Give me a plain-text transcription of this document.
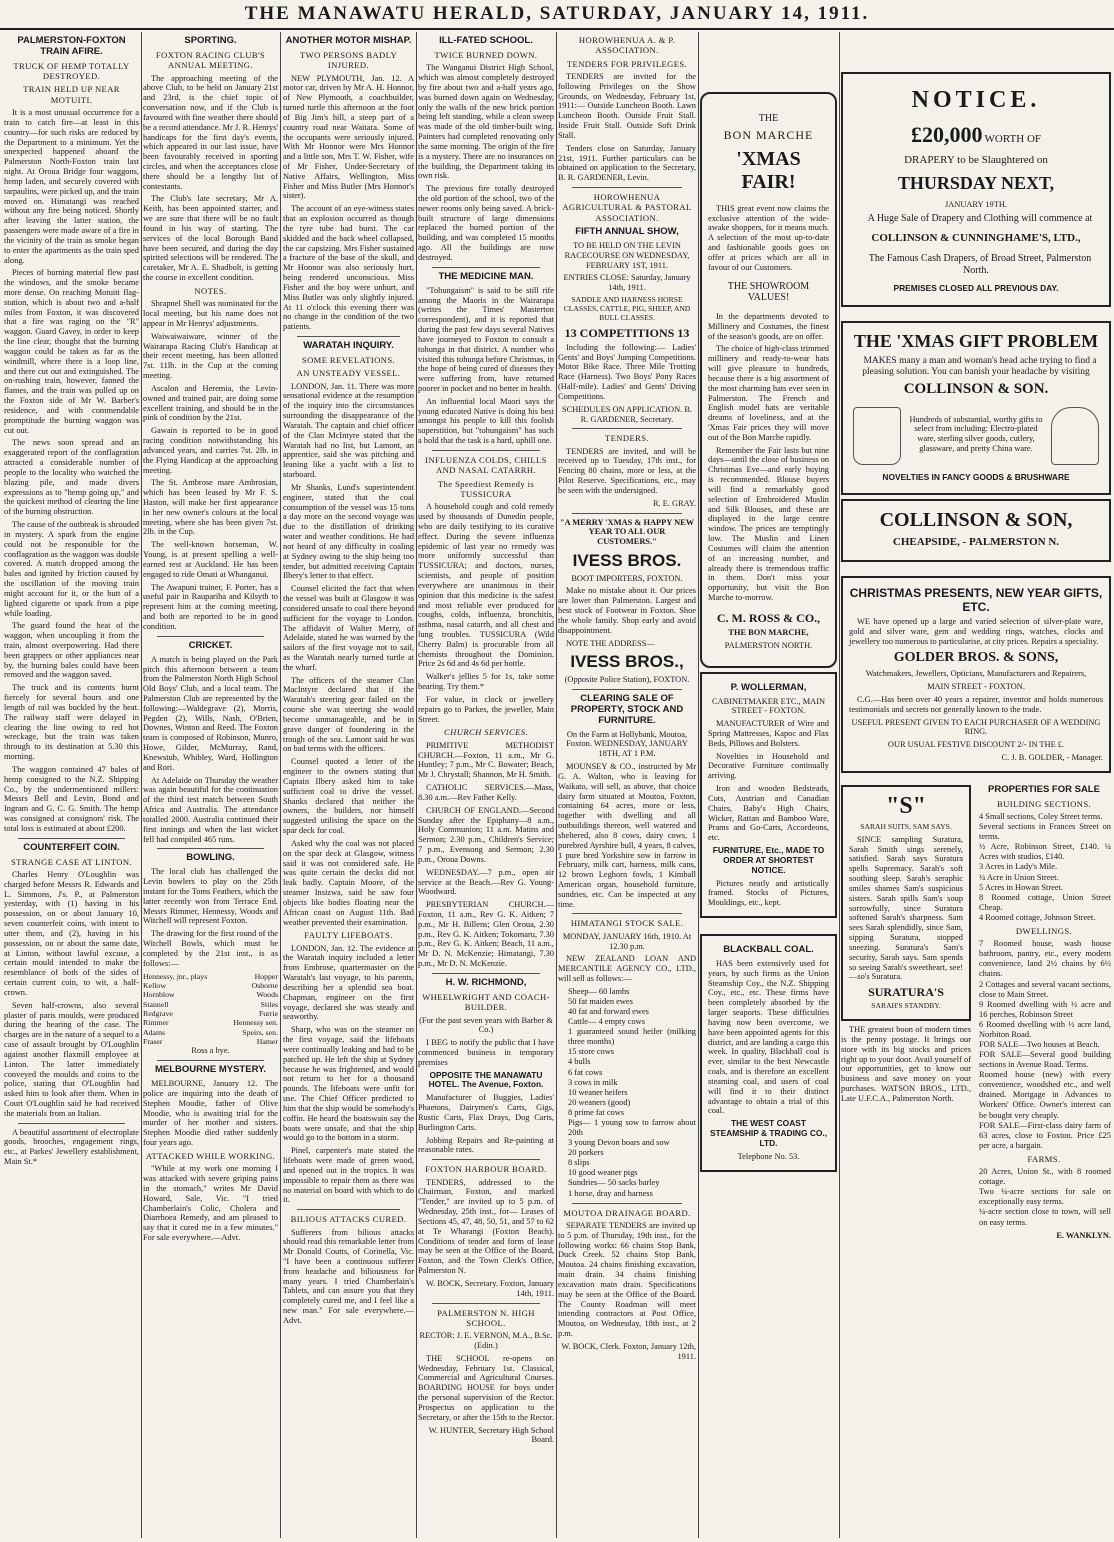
THE MANAWATU HERALD, SATURDAY, JANUARY 14, 1911.
PALMERSTON-FOXTON TRAIN AFIRE.
TRUCK OF HEMP TOTALLY DESTROYED.
TRAIN HELD UP NEAR MOTUITI.

It is a most unusual occurrence for a train to catch fire—at least in this country—for such risks are reduced by the Department to a minimum. Yet the unexpected happened aboard the Palmerston North-Foxton train last night. At Oroua Bridge four waggons, hemp laden, and securely covered with tarpaulins, were picked up, and the train moved on. Himatangi was reached without any fire being noticed. Shortly after leaving the latter station, the passengers were made aware of a fire in the vicinity of the train as smoke began to enter the apartments as the train sped along.

Pieces of burning material flew past the windows, and the smoke became more dense. On reaching Motuiti flag-station, which is about two and a-half miles from Foxton, it was discovered that a fire was raging on the "R" waggon. Guard Gavey, in order to keep the line clear, thought that the burning waggon could be taken as far as the windmill, where there is a loop line, and there cut out and extinguished. The on-rushing train, however, fanned the flames, and the train was pulled up on the Foxton side of Mr W. Barber's residence, and with commendable promptitude the burning waggon was cut out.

The news soon spread and an exaggerated report of the conflagration attracted a considerable number of people to the locality who watched the blazing pile, and made divers expressions as to "hemp going up," and the quickest method of clearing the line of the burning obstruction.

The cause of the outbreak is shrouded in mystery. A spark from the engine could not be responsible for the conflagration as the waggon was double covered. A match dropped among the bales and ignited by friction caused by the oscillation of the moving train might account for it, or the butt of a lighted cigarette or spark from a pipe while loading.

The guard found the heat of the waggon, when uncoupling it from the train, almost overpowering. Had there been grappers or other appliances near by, the burning bales could have been removed and the waggon saved.

The truck and its contents burnt fiercely for several hours and one length of rail was buckled by the heat. The railway staff were delayed in clearing the line owing to red hot wreckage, but the train was taken through to its destination at 5.30 this morning.

The waggon contained 47 bales of hemp consigned to the N.Z. Shipping Co., by the undermentioned millers: Messrs Bell and Levin, Bond and Ingram and G. C. G. Smith. The hemp was consigned at consignors' risk. The total loss is estimated at about £200.

COUNTERFEIT COIN.
STRANGE CASE AT LINTON.

Charles Henry O'Loughlin was charged before Messrs R. Edwards and L. Simmons, J's. P., at Palmerston yesterday, with (1) having in his possession, on or about January 10, seven counterfeit coins, with intent to utter them, and (2), having in his possession, on or about the same date, at Linton, without lawful excuse, a certain mould intended to make the resemblance of both of the sides of certain current coin, to wit, a half-crown.

Seven half-crowns, also several plaster of paris moulds, were produced during the hearing of the case. The charges are in the nature of a sequel to a case of assault brought by O'Loughlin against another flaxmill employee at Linton. The latter immediately conveyed the moulds and coins to the police, stating that O'Loughlin had asked him to look after them. When in Court O'Loughlin said he had received the materials from an Italian.

A beautiful assortment of electroplate goods, brooches, engagement rings, etc., at Parkes' Jewellery establishment, Main St.*

SPORTING.
FOXTON RACING CLUB'S ANNUAL MEETING.

The approaching meeting of the above Club, to be held on January 21st and 23rd, is the chief topic of conversation now, and if the Club is favoured with fine weather there should be a record attendance. Mr J. R. Henrys' handicaps for the first day's events, which appeared in our last issue, have been favourably received in sporting circles, and when the acceptances close there should be a lengthy list of contestants.

The Club's late secretary, Mr A. Keith, has been appointed starter, and we are sure that there will be no fault found in his way of starting. The services of the local Borough Band have been secured, and during the day spirited selections will be rendered. The caretaker, Mr A. E. Shadbolt, is getting the course in excellent condition.

NOTES.

Shrapnel Shell was nominated for the local meeting, but his name does not appear in Mr Henrys' adjustments.

Waiwaiwaiware, winner of the Wairarapa Racing Club's Handicap at their recent meeting, has been allotted 7st. 11lb. in the Cup at the coming meeting.

Ascalon and Heremia, the Levin-owned and trained pair, are doing some excellent training, and should be in the pink of condition by the 21st.

Gawain is reported to be in good racing condition notwithstanding his advanced years, and carries 7st. 2lb. in the Flying Handicap at the approaching meeting.

The St. Ambrose mare Ambrosian, which has been leased by Mr F. S. Haston, will make her first appearance in her new owner's colours at the local meeting, where she has been given 7st. 2lb. in the Cup.

The well-known horseman, W. Young, is at present spelling a well-earned rest at Auckland. He has been engaged to ride Omati at Whanganui.

The Awapuni trainer, F. Porter, has a useful pair in Raupariha and Kilsyth to represent him at the coming meeting, and both are reported to be in good condition.

CRICKET.

A match is being played on the Park pitch this afternoon between a team from the Palmerston North High School Old Boys' Club, and a local team. The Palmerston Club are represented by the following:—Waldegrave (2), Morris, Pegden (2), Wills, Nash, O'Brien, Downes, Winton and Reed. The Foxton team is composed of Robinson, Munro, Howe, Gilder, McMurray, Rand, Knewstub, Whibley, Ward, Hollington and Rori.

At Adelaide on Thursday the weather was again beautiful for the continuation of the third test match between South Africa and Australia. The attendance totalled 2000. Australia continued their first innings and when the last wicket fell had compiled 465 runs.

BOWLING.

The local club has challenged the Levin bowlers to play on the 25th instant for the Toms Feathers, which the latter recently won from Terrace End. Messrs Rimmer, Hennessy, Woods and Witchell will represent Foxton.

The drawing for the first round of the Witchell Bowls, which must be completed by the 21st inst., is as follows:—

Hennessy, jnr., plays	Hopper
Kellow	Osborne
Hornblow	Woods
Stannell	Stiles
Redgrave	Furrie
Rimmer	Hennessy sen.
Adams	Speirs, sen.
Fraser	Hamer

Ross a bye.

MELBOURNE MYSTERY.

MELBOURNE, January 12. The police are inquiring into the death of Stephen Moodie, father of Olive Moodie, who is awaiting trial for the murder of her mother and sisters. Stephen Moodie died rather suddenly four years ago.

ATTACKED WHILE WORKING.

"While at my work one morning I was attacked with severe griping pains in the stomach," writes Mr David Howard, Sale, Vic. "I tried Chamberlain's Colic, Cholera and Diarrhoea Remedy, and am pleased to say that it cured me in a few minutes." For sale everywhere.—Advt.

ANOTHER MOTOR MISHAP.
TWO PERSONS BADLY INJURED.

NEW PLYMOUTH, Jan. 12. A motor car, driven by Mr A. H. Honnor, of New Plymouth, a coachbuilder, turned turtle this afternoon at the foot of Big Jim's hill, a steep part of a country road near Waitara. Some of the occupants were seriously injured. With Mr Honnor were Mrs Honnor and a little son, Mrs T. W. Fisher, wife of Mr Fisher, Under-Secretary of Native Affairs, Wellington, Miss Fisher and Miss Butler (Mrs Honnor's sister).

The account of an eye-witness states that an explosion occurred as though the tyre tube had burst. The car skidded and the back wheel collapsed, the car capsizing. Mrs Fisher sustained a fracture of the base of the skull, and Mr Honnor was also seriously hurt, being rendered unconscious. Miss Fisher and the boy were unhurt, and Miss Butler was only slightly injured. At 11 o'clock this evening there was no change in the condition of the two patients.

WARATAH INQUIRY.
SOME REVELATIONS.
AN UNSTEADY VESSEL.

LONDON, Jan. 11. There was more sensational evidence at the resumption of the inquiry into the circumstances surrounding the disappearance of the Waratah. The captain and chief officer of the Clan McIntyre stated that the Waratah had no list, but Lamont, an apprentice, said she was pitching and leaning like a yacht with a list to starboard.

Mr Shanks, Lund's superintendent engineer, stated that the coal consumption of the vessel was 15 tons a day more on the second voyage was due to the distillation of drinking water and weather conditions. He had not heard of any difficulty in coaling at Sydney owing to the ship being too tender, but admitted receiving Captain Ilbery's letter to that effect.

Counsel elicited the fact that when the vessel was built at Glasgow it was considered unsafe to coal there beyond sufficient for the voyage to London. The affidavit of Walter Merry, of Adelaide, stated he was warned by the sailors of the first voyage not to sail, as the Waratah nearly turned turtle at the wharf.

The officers of the steamer Clan MacIntyre declared that if the Waratah's steering gear failed on the course she was steering she would become unmanageable, and be in grave danger of foundering in the trough of the sea. Lamont said he was on bad terms with the officers.

Counsel quoted a letter of the engineer to the owners stating that Captain Ilbery asked him to take sufficient coal to drive the vessel. Shanks declared that neither the owners, the builders, nor himself suggested utilising the space on the spar deck for coal.

Asked why the coal was not placed on the spar deck at Glasgow, witness said it was not considered safe. He was quite certain the decks did not leak badly. Captain Moore, of the steamer Insizwa, said he saw four objects like bodies floating near the African coast on August 11th. Bad weather prevented their examination.

FAULTY LIFEBOATS.

LONDON, Jan. 12. The evidence at the Waratah inquiry included a letter from Embrose, quartermaster on the Waratah's last voyage, to his parents, describing her a splendid sea boat. Chapman, engineer on the first voyage, declared she was steady and seaworthy.

Sharp, who was on the steamer on the first voyage, said the lifeboats were continually leaking and had to be patched up. He left the ship at Sydney because he was frightened, and would not return to her for a thousand pounds. The lifeboats were unfit for use. The Chief Officer predicted to him that the ship would be somebody's coffin. He heard the boatswain say the boats were unsafe, and that the ship would go to the bottom in a storm.

Pinel, carpenter's mate stated the lifeboats were made of green wood, and opened out in the tropics. It was impossible to repair them as there was no material on board with which to do it.

BILIOUS ATTACKS CURED.

Sufferers from bilious attacks should read this remarkable letter from Mr Donald Coutts, of Corinella, Vic. "I have been a continuous sufferer from headache and biliousness for many years. I tried Chamberlain's Tablets, and can assure you that they completely cured me, and I feel like a new man." For sale everywhere.—Advt.

ILL-FATED SCHOOL.
TWICE BURNED DOWN.

The Wanganui District High School, which was almost completely destroyed by fire about two and a-half years ago, was burned down again on Wednesday, only the walls of the new brick portion being left standing, while a clean sweep was made of the old timber-built wing. Painters had completed renovating only the same morning. The origin of the fire is a mystery. There are no insurances on the building, the Department taking its own risk.

The previous fire totally destroyed the old portion of the school, two of the newer rooms only being saved. A brick-built structure of large dimensions replaced the burned portion of the building, and was completed 15 months ago. All the buildings are now destroyed.

THE MEDICINE MAN.

"Tohungaism" is said to be still rife among the Maoris in the Wairarapa (writes the Times' Masterton correspondent), and it is reported that during the past few days several Natives have journeyed to Foxton to consult a tohunga in that district. A number who visited this tohunga before Christmas, in the hope of being cured of diseases they were suffering from, have returned poorer in pocket and no better in health.

An influential local Maori says the young educated Native is doing his best amongst his people to kill this foolish superstition, but "tohungaism" has such a hold that the task is a hard, uphill one.

INFLUENZA COLDS, CHILLS AND NASAL CATARRH.
The Speediest Remedy is TUSSICURA

A household cough and cold remedy used by thousands of Dunedin people, who are daily testifying to its curative effect. During the severe influenza epidemic of last year no remedy was more uniformly successful than TUSSICURA; and doctors, nurses, scientists, and people of position everywhere are unanimous in their opinion that this medicine is the safest and most reliable ever produced for coughs, colds, influenza, bronchitis, asthma, nasal catarrh, and all chest and lung troubles. TUSSICURA (Wild Cherry Balm) is procurable from all chemists throughout the Dominion. Price 2s 6d and 4s 6d per bottle.

Walker's jellies 5 for 1s, take some bearing. Try them.*

For value, in clock or jewellery repairs go to Parkes, the jeweller, Main Street.

CHURCH SERVICES.

PRIMITIVE METHODIST CHURCH.—Foxton, 11 a.m., Mr G. Huntley; 7 p.m., Mr C. Bowater; Beach, Mr J. Chrystall; Shannon, Mr H. Smith.

CATHOLIC SERVICES.—Mass, 8.30 a.m.—Rev Father Kelly.

CHURCH OF ENGLAND.—Second Sunday after the Epiphany—8 a.m., Holy Communion; 11 a.m. Matins and Sermon; 2.30 p.m., Children's Service; 7 p.m., Evensong and Sermon; 2.30 p.m., Oroua Downs.

WEDNESDAY.—7 p.m., open air service at the Beach.—Rev G. Young-Woodward.

PRESBYTERIAN CHURCH.—Foxton, 11 a.m., Rev G. K. Aitken; 7 p.m., Mr H. Billens; Glen Oroua, 2.30 p.m., Rev G. K. Aitken; Tokomaru, 7.30 p.m., Rev G. K. Aitken; Beach, 11 a.m., Mr D. N. McKenzie; Himatangi, 7.30 p.m., Mr D. N. McKenzie.

H. W. RICHMOND,
WHEELWRIGHT AND COACH-BUILDER.

(For the past seven years with Barber & Co.)

I BEG to notify the public that I have commenced business in temporary premises

OPPOSITE THE MANAWATU HOTEL. The Avenue, Foxton.

Manufacturer of Buggies, Ladies' Phaetons, Dairymen's Carts, Gigs, Rustic Carts, Flax Drays, Dog Carts, Burlington Carts.

Jobbing Repairs and Re-painting at reasonable rates.

FOXTON HARBOUR BOARD.

TENDERS, addressed to the Chairman, Foxton, and marked "Tender," are invited up to 5 p.m. of Wednesday, 25th inst., for— Leases of Sections 45, 47, 48, 50, 51, and 57 to 62 at Te Wharangi (Foxton Beach). Conditions of tender and form of lease may be seen at the Office of the Board, Foxton, and the Town Clerk's Office, Palmerston N.

W. BOCK, Secretary. Foxton, January 14th, 1911.

PALMERSTON N. HIGH SCHOOL.

RECTOR: J. E. VERNON, M.A., B.Sc. (Edin.)

THE SCHOOL re-opens on Wednesday, February 1st. Classical, Commercial and Agricultural Courses. BOARDING HOUSE for boys under the personal supervision of the Rector. Prospectus on application to the Secretary, or after the 15th to the Rector.

W. HUNTER, Secretary High School Board.

HOROWHENUA A. & P. ASSOCIATION.
TENDERS FOR PRIVILEGES.

TENDERS are invited for the following Privileges on the Show Grounds, on Wednesday, February 1st, 1911:— Outside Luncheon Booth. Lawn Luncheon Booth. Outside Fruit Stall. Inside Fruit Stall. Outside Soft Drink Stall.

Tenders close on Saturday, January 21st, 1911. Further particulars can be obtained on application to the Secretary, B. R. GARDENER, Levin.

HOROWHENUA AGRICULTURAL & PASTORAL ASSOCIATION.
FIFTH ANNUAL SHOW,

TO BE HELD ON THE LEVIN RACECOURSE ON WEDNESDAY, FEBRUARY 1ST, 1911.

ENTRIES CLOSE: Saturday, January 14th, 1911.

SADDLE AND HARNESS HORSE CLASSES, CATTLE, PIG, SHEEP, AND BULL CLASSES.

13 COMPETITIONS 13

Including the following:— Ladies' Gents' and Boys' Jumping Competitions. Motor Bike Race. Three Mile Trotting Race (Harness). Two Boys' Pony Races (Half-mile). Ladies' and Gents' Driving Competitions.

SCHEDULES ON APPLICATION. B. R. GARDENER, Secretary.

TENDERS.

TENDERS are invited, and will be received up to Tuesday, 17th inst., for Fencing 80 chains, more or less, at the Pilot Reserve. Specifications, etc., may be seen with the undersigned.

R. E. GRAY.

"A MERRY 'XMAS & HAPPY NEW YEAR TO ALL OUR CUSTOMERS."

IVESS BROS.

BOOT IMPORTERS, FOXTON.

Make no mistake about it. Our prices are lower than Palmerston. Largest and best stock of Footwear in Foxton. Shoe the whole family. Shop early and avoid disappointment.

NOTE THE ADDRESS—

IVESS BROS.,

(Opposite Police Station), FOXTON.

CLEARING SALE OF PROPERTY, STOCK AND FURNITURE.

On the Farm at Hollybank, Moutoa, Foxton. WEDNESDAY, JANUARY 18TH, AT 1 P.M.

MOUNSEY & CO., instructed by Mr G. A. Walton, who is leaving for Waikato, will sell, as above, that choice dairy farm situated at Moutoa, Foxton, containing 64 acres, more or less, together with dwelling and all outbuildings thereon, well watered and sheltered, also 8 cows, dairy cows, 1 purebred Ayrshire bull, 4 years, 8 calves, 1 pure bred Yorkshire sow in farrow in February, milk cart, harness, milk cans, 12 brown Leghorn fowls, 1 Kimball American organ, household furniture, sundries, etc. Can be inspected at any time.

HIMATANGI STOCK SALE.

MONDAY, JANUARY 16th, 1910. At 12.30 p.m.

NEW ZEALAND LOAN AND MERCANTILE AGENCY CO., LTD., will sell as follows:—

Sheep— 60 lambs
50 fat maiden ewes
40 fat and forward ewes
Cattle— 4 empty cows
1 guaranteed sound heifer (milking three months)
15 store cows
4 bulls
6 fat cows
3 cows in milk
10 weaner heifers
20 weaners (good)
8 prime fat cows
Pigs— 1 young sow to farrow about 20th
3 young Devon boars and sow
20 porkers
8 slips
10 good weaner pigs
Sundries— 50 sacks barley
1 horse, dray and harness
MOUTOA DRAINAGE BOARD.

SEPARATE TENDERS are invited up to 5 p.m. of Thursday, 19th inst., for the following works: 66 chains Stop Bank, Duck Creek. 52 chains Stop Bank, Moutoa. 24 chains finishing excavation, main drain. 34 chains finishing excavation main drain. Specifications may be seen at the Office of the Board. The County Roadman will meet intending contractors at Post Office, Moutoa, on Wednesday, 18th inst., at 2 p.m.

W. BOCK, Clerk. Foxton, January 12th, 1911.

THE

BON MARCHE

'XMAS FAIR!

THIS great event now claims the exclusive attention of the wide-awake shoppers, for it means much. A selection of the most up-to-date and fashionable goods goes on offer at prices which are all in favour of our Customers.

THE SHOWROOM VALUES!

In the departments devoted to Millinery and Costumes, the finest of the season's goods, are on offer.

The choice of high-class trimmed millinery and ready-to-wear hats will give pleasure to hundreds, because there is a big assortment of the most charming hats ever seen in Palmerston. The French and English model hats are veritable dreams of loveliness, and at the 'Xmas Fair prices they will move out of the Bon Marche rapidly.

Remember the Fair lasts but nine days—until the close of business on Christmas Eve—and early buying is recommended. Blouse buyers will find a remarkably good selection of Embroidered Muslin and Silk Blouses, and these are displayed in the large centre window. The prices are temptingly low. The Muslin and Linen Costumes will claim the attention of an increasing number, and already there is tremendous traffic in them. Don't miss your opportunity, but visit the Bon Marche to-morrow.

C. M. ROSS & CO.,

THE BON MARCHE,

PALMERSTON NORTH.

P. WOLLERMAN,

CABINETMAKER ETC., MAIN STREET - FOXTON.

MANUFACTURER of Wire and Spring Mattresses, Kapoc and Flax Beds, Pillows and Bolsters.

Novelties in Household and Decorative Furniture continually arriving.

Iron and wooden Bedsteads, Cots, Austrian and Canadian Chairs, Baby's High Chairs, Wicker, Rattan and Bamboo Ware, Prams and Go-Carts, Accordeons, etc.

FURNITURE, Etc., MADE TO ORDER AT SHORTEST NOTICE.

Pictures neatly and artistically framed. Stocks of Pictures, Mouldings, etc., kept.

BLACKBALL COAL.

HAS been extensively used for years, by such firms as the Union Steamship Coy., the N.Z. Shipping Coy., etc., etc. These firms have been completely absorbed by the larger seaports. These difficulties having now been overcome, we have been appointed agents for this district, and are landing a cargo this week. In quality, Blackball coal is ever, similar to the best Newcastle coals, and is therefore an excellent steaming coal, and users of coal will find it to their distinct advantage to obtain a trial of this coal.

THE WEST COAST STEAMSHIP & TRADING CO., LTD.

Telephone No. 53.

NOTICE.

£20,000 WORTH OF

DRAPERY to be Slaughtered on

THURSDAY NEXT,

JANUARY 19TH.

A Huge Sale of Drapery and Clothing will commence at

COLLINSON & CUNNINGHAME'S, LTD.,

The Famous Cash Drapers, of Broad Street, Palmerston North.

PREMISES CLOSED ALL PREVIOUS DAY.

THE 'XMAS GIFT PROBLEM

MAKES many a man and woman's head ache trying to find a pleasing solution. You can banish your headache by visiting

COLLINSON & SON.

Hundreds of substantial, worthy gifts to select from including: Electro-plated ware, sterling silver goods, cutlery, glassware, and pretty China ware.

NOVELTIES IN FANCY GOODS & BRUSHWARE

COLLINSON & SON,

CHEAPSIDE, - PALMERSTON N.

CHRISTMAS PRESENTS, NEW YEAR GIFTS, ETC.

WE have opened up a large and varied selection of silver-plate ware, gold and silver ware, gem and wedding rings, watches, clocks and jewellery too numerous to particularise, at city prices. Repairs a speciality.

GOLDER BROS. & SONS,

Watchmakers, Jewellers, Opticians, Manufacturers and Repairers,

MAIN STREET - FOXTON.

C.G.—Has been over 40 years a repairer, inventor and holds numerous testimonials and secrets not generally known to the trade.

USEFUL PRESENT GIVEN TO EACH PURCHASER OF A WEDDING RING.

OUR USUAL FESTIVE DISCOUNT 2/- IN THE £.

C. J. B. GOLDER, - Manager.

"S"

SARAH SUITS, SAM SAYS.

SINCE sampling Suratura, Sarah Smith sings serenely, satisfied. Sarah says Suratura spells Supremacy. Sarah's soft soothing sleep. Sarah's seraphic smiles shames Sam's suspicious sisters. Sarah spills Sam's soup sorrowfully, since Suratura softened Sarah's sharpness. Sam sees Sarah splendidly, since Sam, sipping Suratura, stopped sneezing. Suratura's Sam's security, Sarah says. Sam spends so seeing Sarah's sweetheart, see!—so's Suratura.

SURATURA'S

SARAH'S STANDBY.

THE greatest boon of modern times is the penny postage. It brings our store with its big stocks and prices right up to your door. Avail yourself of our opportunities, get to know our business and save money on your purchases. WATSON BROS., LTD., Late U.F.C.A., Palmerston North.

PROPERTIES FOR SALE
BUILDING SECTIONS.
4 Small sections, Coley Street terms.
Several sections in Frances Street on terms.
½ Acre, Robinson Street, £140. ¼ Acres with studios, £140.
3 Acres in Lady's Mile.
¼ Acre in Union Street.
5 Acres in Howan Street.
8 Roomed cottage, Union Street Cheap.
4 Roomed cottage, Johnson Street.
DWELLINGS.
7 Roomed house, wash house bathroom, pantry, etc., every modern convenience, land 2½ chains by 6½ chains.
2 Cottages and several vacant sections, close to Main Street.
9 Roomed dwelling with ½ acre and 16 perches, Robinson Street
6 Roomed dwelling with ½ acre land, Norbiton Road.
FOR SALE—Two houses at Beach.
FOR SALE—Several good building sections in Avenue Road. Terms.
Roomed house (new) with every convenience, woodshed etc., and well drained. Mortgage in Advances to Workers' Office. Owner's interest can be bought very cheaply.
FOR SALE—First-class dairy farm of 63 acres, close to Foxton. Price £25 per acre, a bargain.
FARMS.
20 Acres, Union St., with 8 roomed cottage.
Two ¼-acre sections for sale on exceptionally easy terms.
¼-acre section close to town, will sell on easy terms.

E. WANKLYN.
